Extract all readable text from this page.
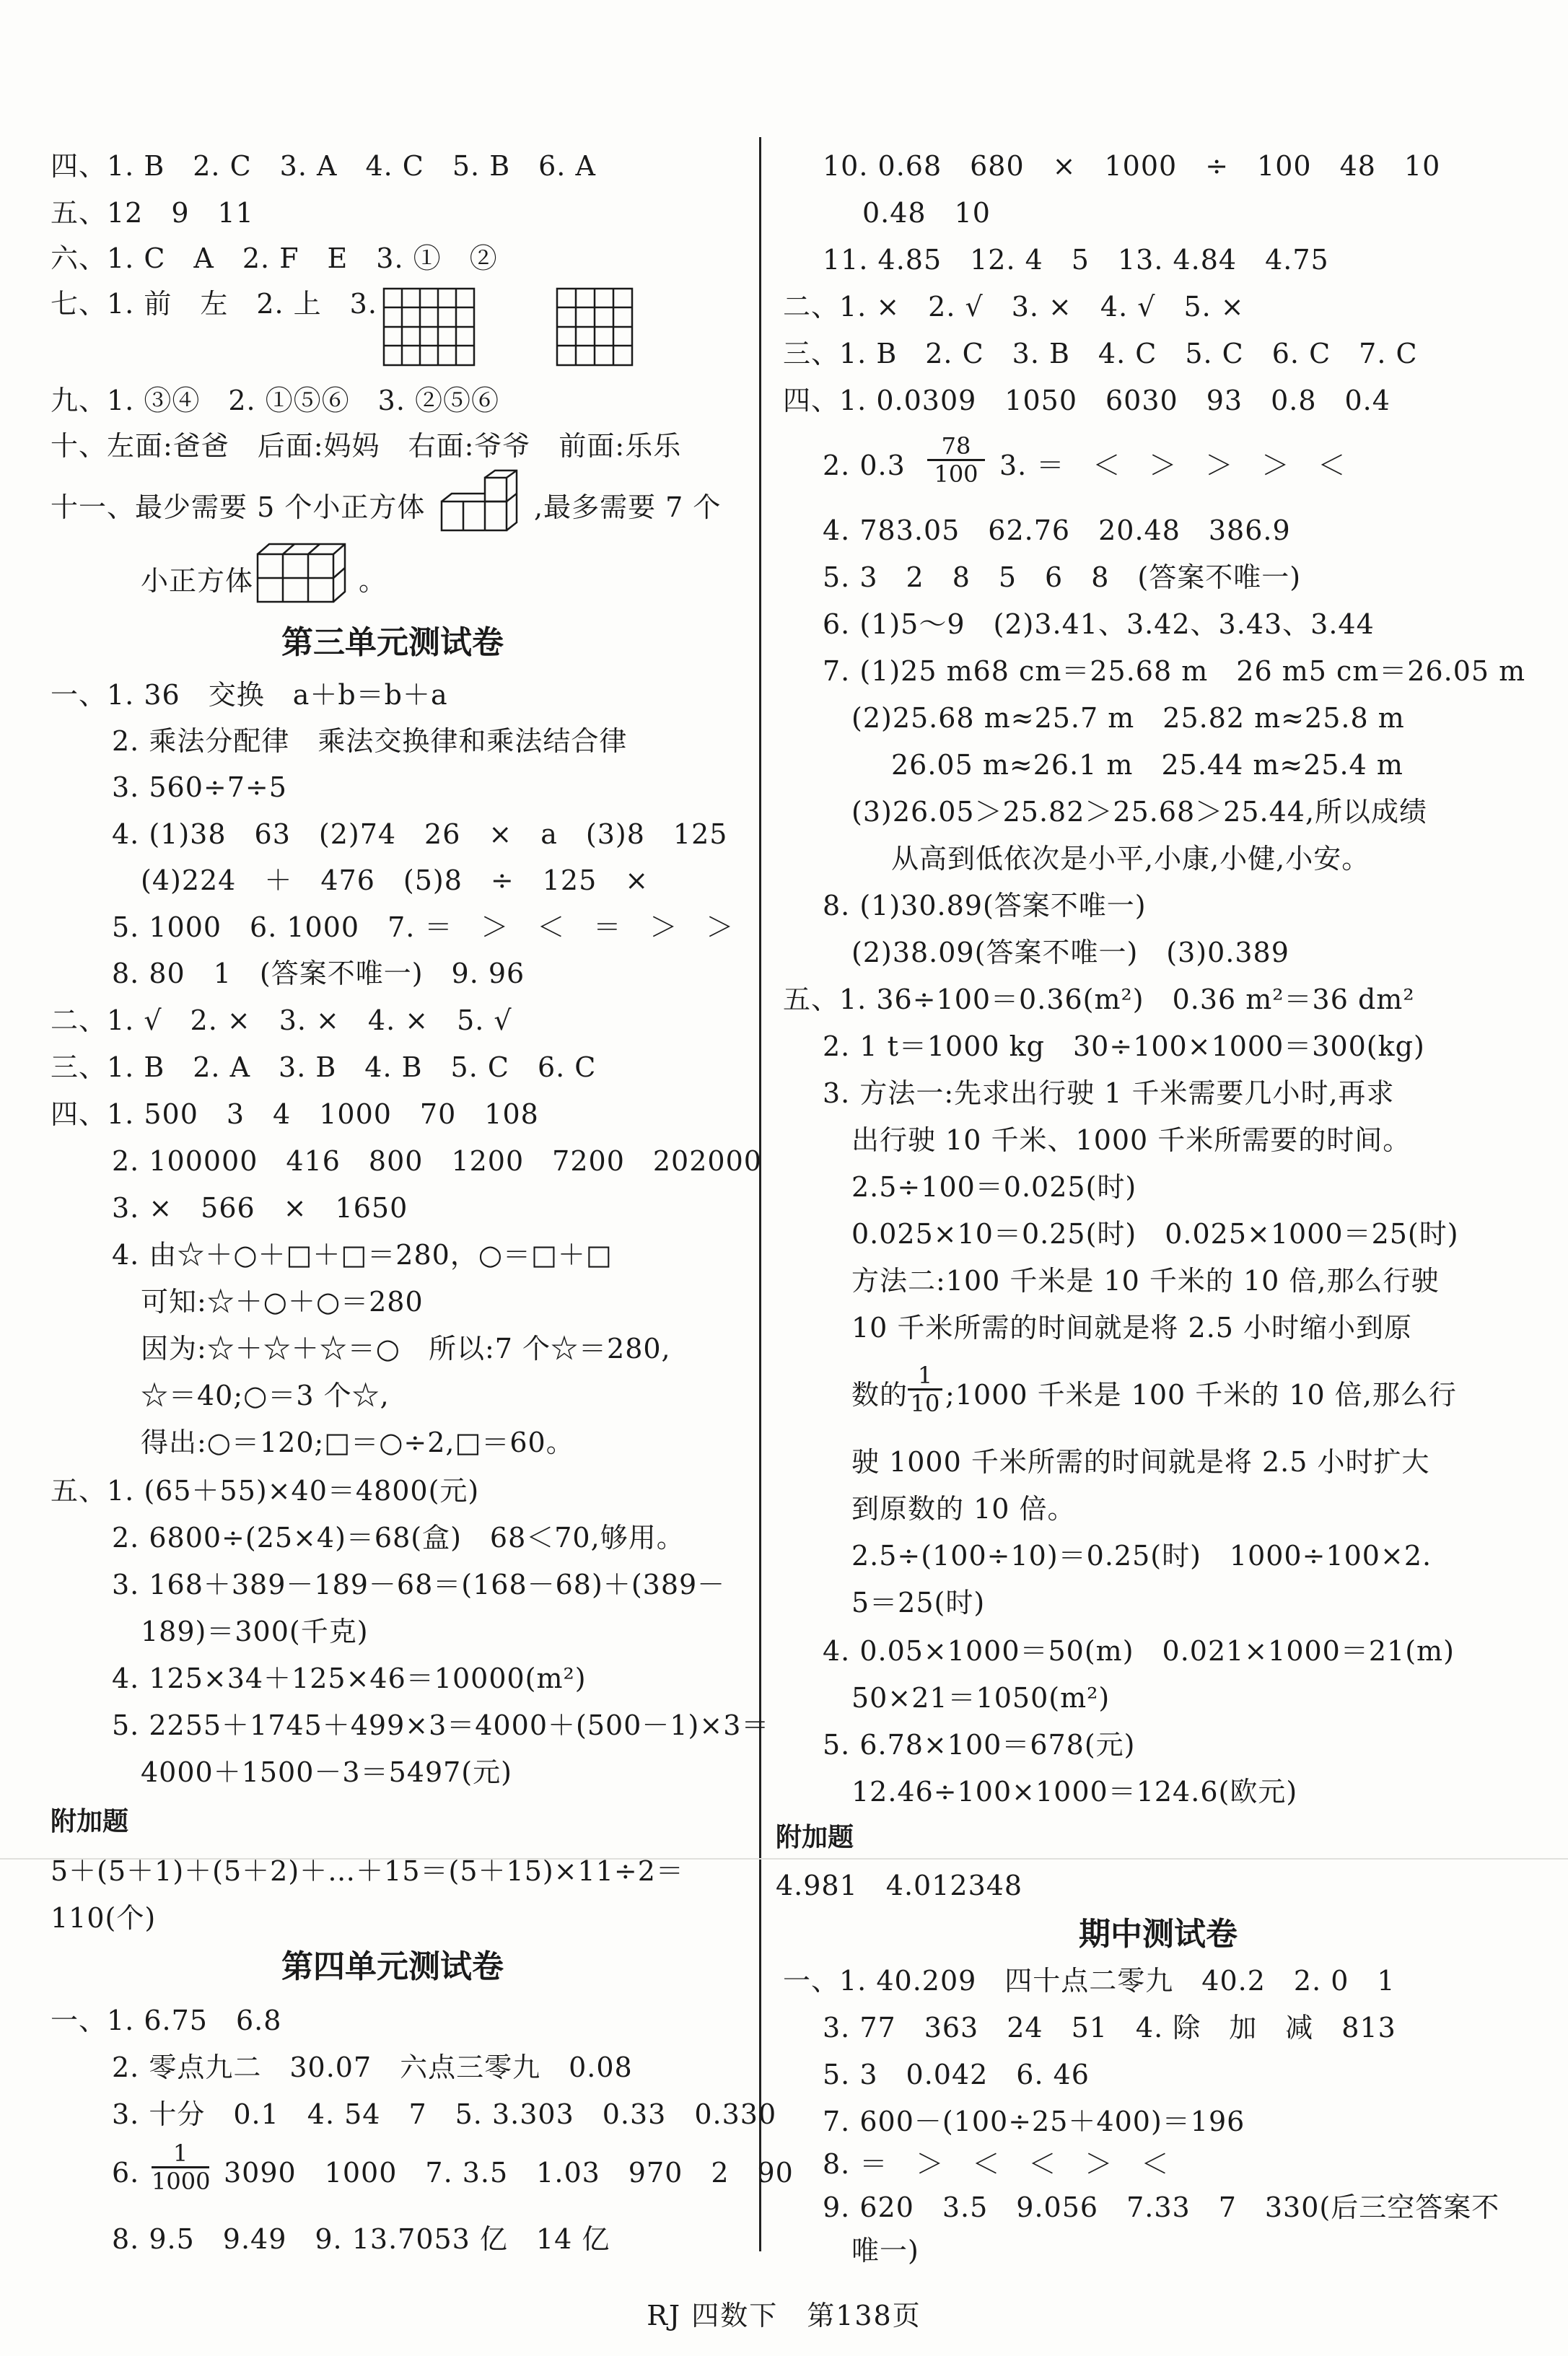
四、1. B　2. C　3. A　4. C　5. B　6. A
五、12　9　11
六、1. C　A　2. F　E　3. ①　②
七、1. 前　左　2. 上　3.
九、1. ③④　2. ①⑤⑥　3. ②⑤⑥
十、左面:爸爸　后面:妈妈　右面:爷爷　前面:乐乐
十一、最少需要 5 个小正方体	,最多需要 7 个
小正方体	。
第三单元测试卷
一、1. 36　交换　a＋b＝b＋a
2. 乘法分配律　乘法交换律和乘法结合律
3. 560÷7÷5
4. (1)38　63　(2)74　26　×　a　(3)8　125
(4)224　＋　476　(5)8　÷　125　×
5. 1000　6. 1000　7. ＝　＞　＜　＝　＞　＞
8. 80　1　(答案不唯一)　9. 96
二、1. √　2. ×　3. ×　4. ×　5. √
三、1. B　2. A　3. B　4. B　5. C　6. C
四、1. 500　3　4　1000　70　108
2. 100000　416　800　1200　7200　202000
3. ×　566　×　1650
4. 由☆＋○＋□＋□＝280，○＝□＋□
可知:☆＋○＋○＝280
因为:☆＋☆＋☆＝○　所以:7 个☆＝280,
☆＝40;○＝3 个☆,
得出:○＝120;□＝○÷2,□＝60。
五、1. (65＋55)×40＝4800(元)
2. 6800÷(25×4)＝68(盒)　68＜70,够用。
3. 168＋389－189－68＝(168－68)＋(389－
189)＝300(千克)
4. 125×34＋125×46＝10000(m²)
5. 2255＋1745＋499×3＝4000＋(500－1)×3＝
4000＋1500－3＝5497(元)
附加题
5＋(5＋1)＋(5＋2)＋…＋15＝(5＋15)×11÷2＝
110(个)
第四单元测试卷
一、1. 6.75　6.8
2. 零点九二　30.07　六点三零九　0.08
3. 十分　0.1　4. 54　7　5. 3.303　0.33　0.330
6. $\frac{1}{1000} 3090$　1000　7. 3.5　1.03　970　2　90
8. 9.5　9.49　9. 13.7053 亿　14 亿
10. 0.68　680　×　1000　÷　100　48　10
0.48　10
11. 4.85　12. 4　5　13. 4.84　4.75
二、1. ×　2. √　3. ×　4. √　5. ×
三、1. B　2. C　3. B　4. C　5. C　6. C　7. C
四、1. 0.0309　1050　6030　93　0.8　0.4
2. $0.3 \frac{78}{100} 3$. ＝　＜　＞　＞　＞　＜
4. 783.05　62.76　20.48　386.9
5. 3　2　8　5　6　8　(答案不唯一)
6. (1)5～9　(2)3.41、3.42、3.43、3.44
7. (1)25 m68 cm＝25.68 m　26 m5 cm＝26.05 m
(2)25.68 m≈25.7 m　25.82 m≈25.8 m
26.05 m≈26.1 m　25.44 m≈25.4 m
(3)26.05＞25.82＞25.68＞25.44,所以成绩
从高到低依次是小平,小康,小健,小安。
8. (1)30.89(答案不唯一)
(2)38.09(答案不唯一)　(3)0.389
五、1. 36÷100＝0.36(m²)　0.36 m²＝36 dm²
2. 1 t＝1000 kg　30÷100×1000＝300(kg)
3. 方法一:先求出行驶 1 千米需要几小时,再求
出行驶 10 千米、1000 千米所需要的时间。
2.5÷100＝0.025(时)
0.025×10＝0.25(时)　0.025×1000＝25(时)
方法二:100 千米是 10 千米的 10 倍,那么行驶
10 千米所需的时间就是将 2.5 小时缩小到原
数的 $\frac{1}{10}$ ;1000 千米是 100 千米的 10 倍,那么行
驶 1000 千米所需的时间就是将 2.5 小时扩大
到原数的 10 倍。
2.5÷(100÷10)＝0.25(时)　1000÷100×2.
5＝25(时)
4. 0.05×1000＝50(m)　0.021×1000＝21(m)
50×21＝1050(m²)
5. 6.78×100＝678(元)
12.46÷100×1000＝124.6(欧元)
附加题
4.981　4.012348
期中测试卷
一、1. 40.209　四十点二零九　40.2　2. 0　1
3. 77　363　24　51　4. 除　加　减　813
5. 3　0.042　6. 46
7. 600－(100÷25＋400)＝196
8. ＝　＞　＜　＜　＞　＜
9. 620　3.5　9.056　7.33　7　330(后三空答案不
唯一)
RJ 四数下　第138页
